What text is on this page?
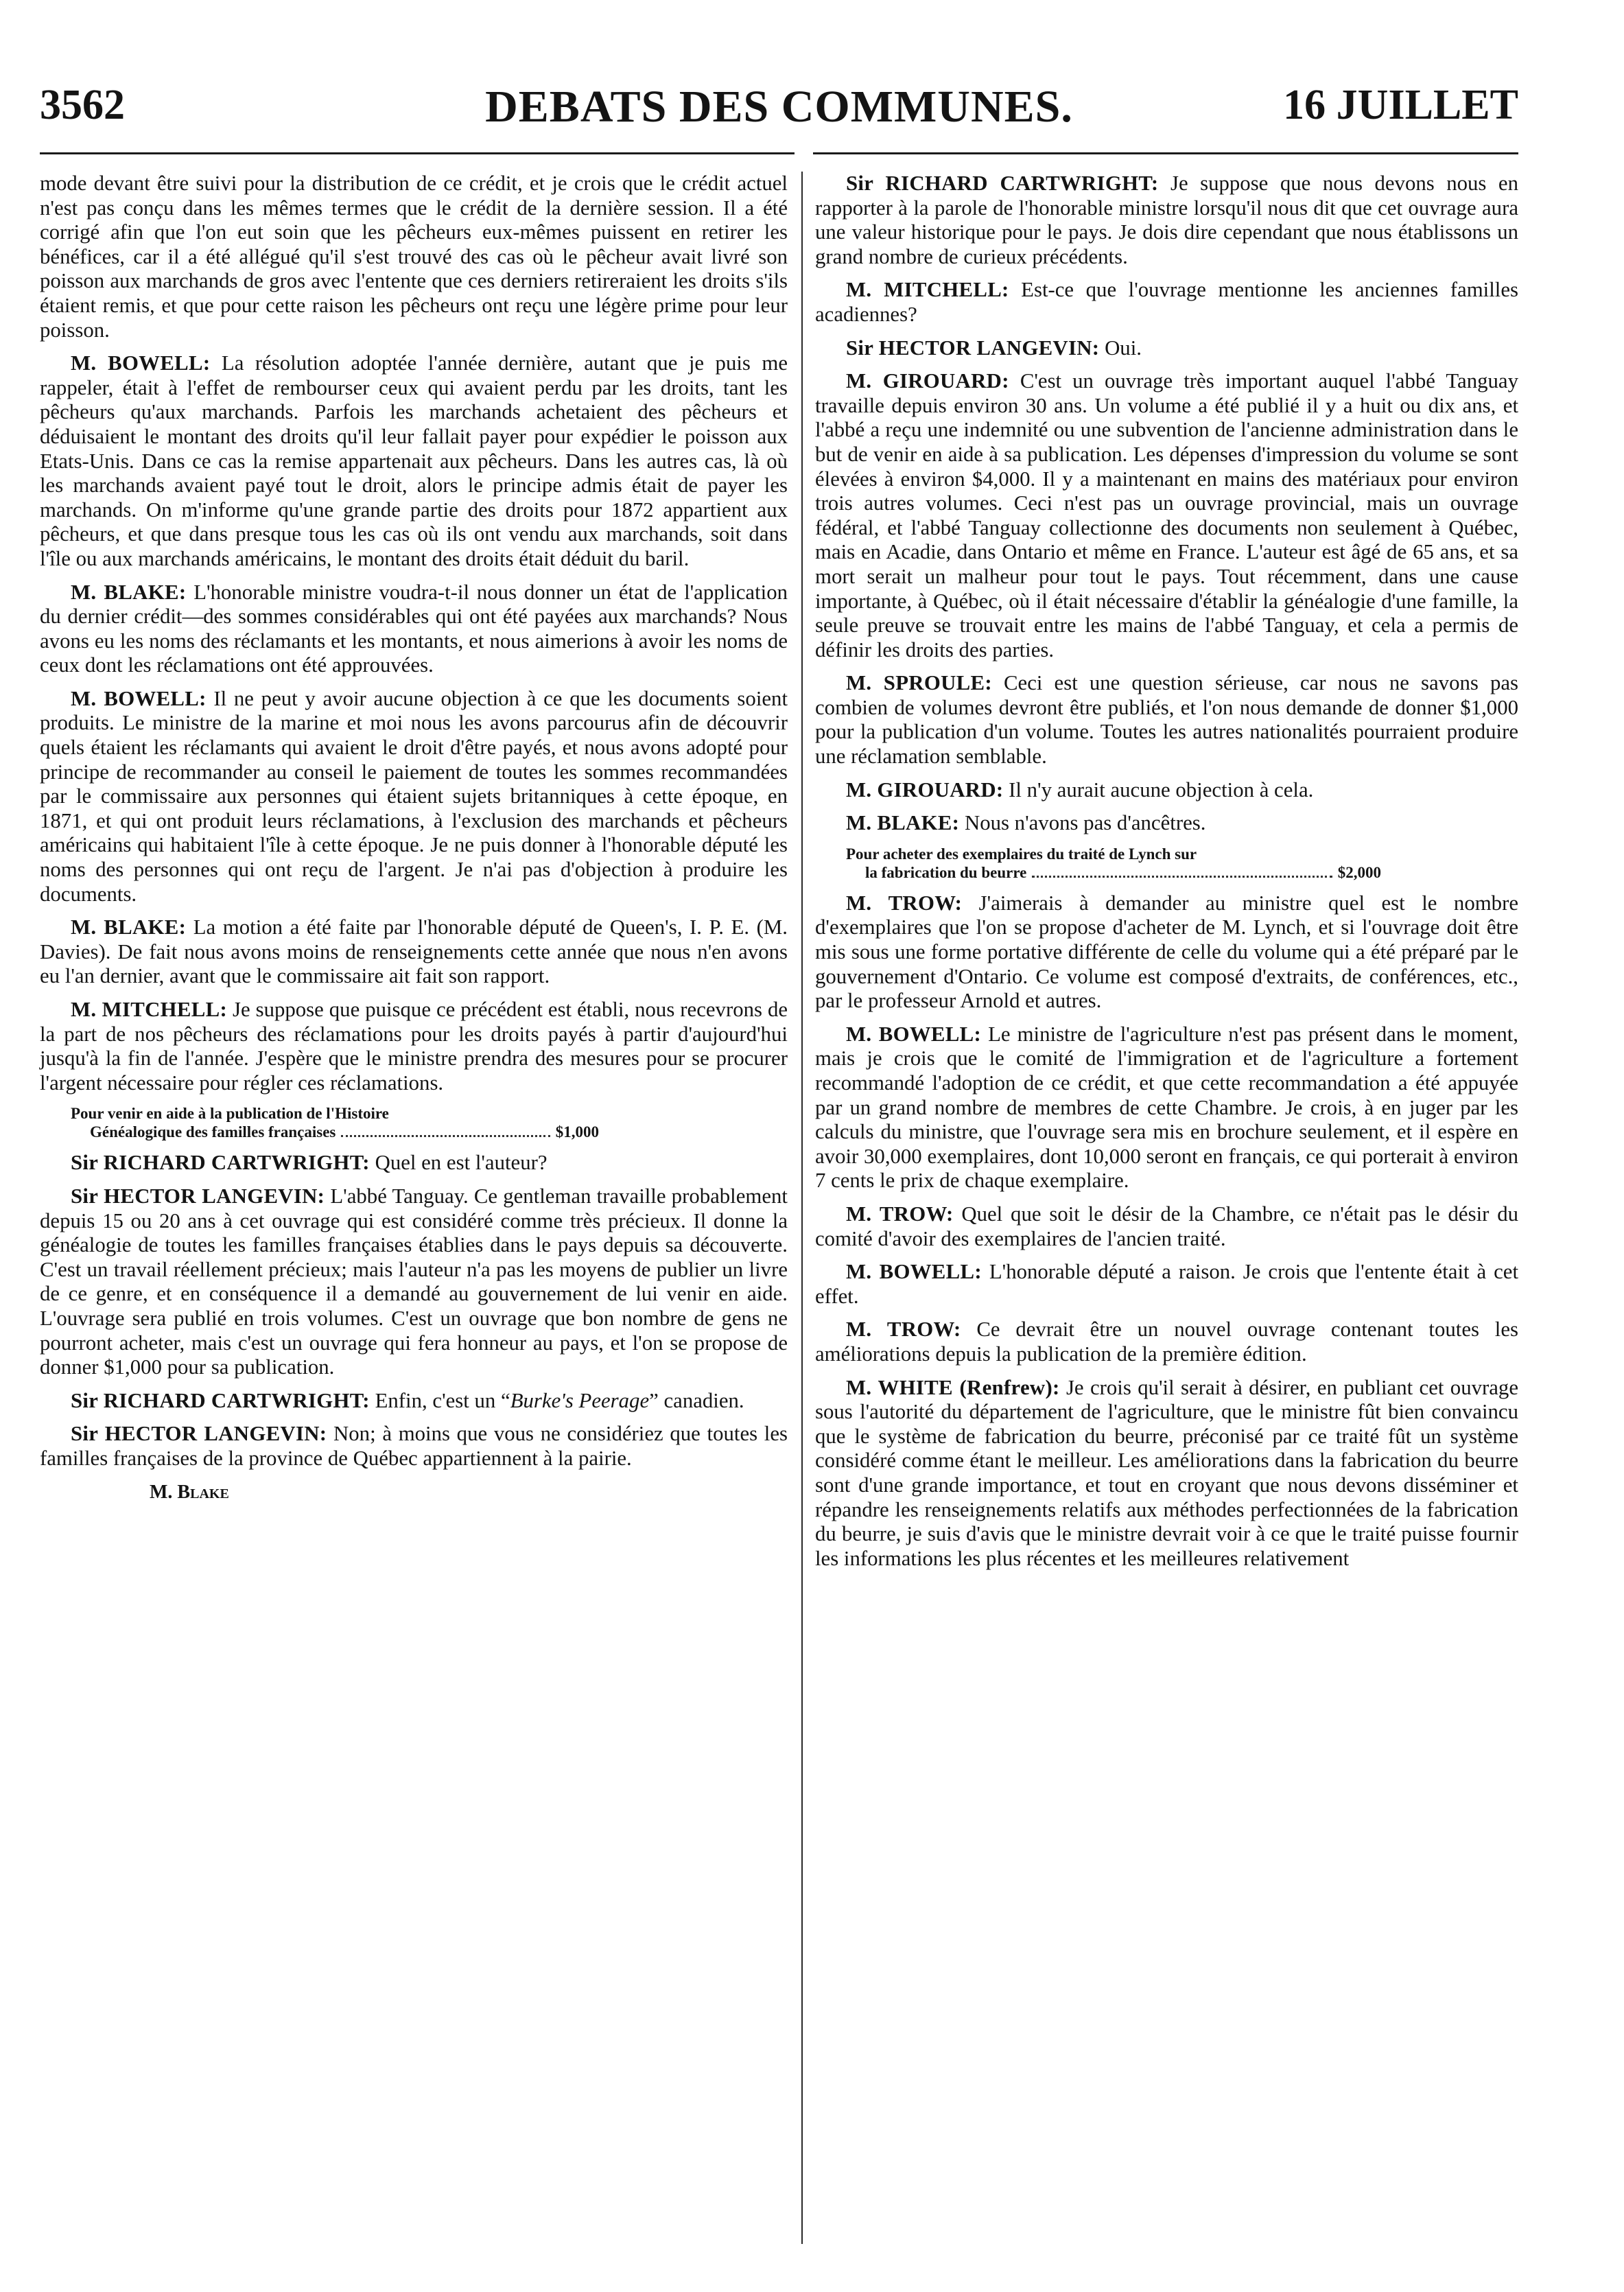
3562	DEBATS DES COMMUNES.	16 JUILLET

mode devant être suivi pour la distribution de ce crédit, et je crois que le crédit actuel n'est pas conçu dans les mêmes termes que le crédit de la dernière session. Il a été corrigé afin que l'on eut soin que les pêcheurs eux-mêmes puissent en retirer les bénéfices, car il a été allégué qu'il s'est trouvé des cas où le pêcheur avait livré son poisson aux marchands de gros avec l'entente que ces derniers retireraient les droits s'ils étaient remis, et que pour cette raison les pêcheurs ont reçu une légère prime pour leur poisson.

M. BOWELL: La résolution adoptée l'année dernière, autant que je puis me rappeler, était à l'effet de rembourser ceux qui avaient perdu par les droits, tant les pêcheurs qu'aux marchands. Parfois les marchands achetaient des pêcheurs et déduisaient le montant des droits qu'il leur fallait payer pour expédier le poisson aux Etats-Unis. Dans ce cas la remise appartenait aux pêcheurs. Dans les autres cas, là où les marchands avaient payé tout le droit, alors le principe admis était de payer les marchands. On m'informe qu'une grande partie des droits pour 1872 appartient aux pêcheurs, et que dans presque tous les cas où ils ont vendu aux marchands, soit dans l'île ou aux marchands américains, le montant des droits était déduit du baril.

M. BLAKE: L'honorable ministre voudra-t-il nous donner un état de l'application du dernier crédit—des sommes considérables qui ont été payées aux marchands? Nous avons eu les noms des réclamants et les montants, et nous aimerions à avoir les noms de ceux dont les réclamations ont été approuvées.

M. BOWELL: Il ne peut y avoir aucune objection à ce que les documents soient produits. Le ministre de la marine et moi nous les avons parcourus afin de découvrir quels étaient les réclamants qui avaient le droit d'être payés, et nous avons adopté pour principe de recommander au conseil le paiement de toutes les sommes recommandées par le commissaire aux personnes qui étaient sujets britanniques à cette époque, en 1871, et qui ont produit leurs réclamations, à l'exclusion des marchands et pêcheurs américains qui habitaient l'île à cette époque. Je ne puis donner à l'honorable député les noms des personnes qui ont reçu de l'argent. Je n'ai pas d'objection à produire les documents.

M. BLAKE: La motion a été faite par l'honorable député de Queen's, I. P. E. (M. Davies). De fait nous avons moins de renseignements cette année que nous n'en avons eu l'an dernier, avant que le commissaire ait fait son rapport.

M. MITCHELL: Je suppose que puisque ce précédent est établi, nous recevrons de la part de nos pêcheurs des réclamations pour les droits payés à partir d'aujourd'hui jusqu'à la fin de l'année. J'espère que le ministre prendra des mesures pour se procurer l'argent nécessaire pour régler ces réclamations.

Pour venir en aide à la publication de l'Histoire
Généalogique des familles françaises	$1,000

Sir RICHARD CARTWRIGHT: Quel en est l'auteur?

Sir HECTOR LANGEVIN: L'abbé Tanguay. Ce gentleman travaille probablement depuis 15 ou 20 ans à cet ouvrage qui est considéré comme très précieux. Il donne la généalogie de toutes les familles françaises établies dans le pays depuis sa découverte. C'est un travail réellement précieux; mais l'auteur n'a pas les moyens de publier un livre de ce genre, et en conséquence il a demandé au gouvernement de lui venir en aide. L'ouvrage sera publié en trois volumes. C'est un ouvrage que bon nombre de gens ne pourront acheter, mais c'est un ouvrage qui fera honneur au pays, et l'on se propose de donner $1,000 pour sa publication.

Sir RICHARD CARTWRIGHT: Enfin, c'est un “Burke's Peerage” canadien.

Sir HECTOR LANGEVIN: Non; à moins que vous ne considériez que toutes les familles françaises de la province de Québec appartiennent à la pairie.

M. Blake

Sir RICHARD CARTWRIGHT: Je suppose que nous devons nous en rapporter à la parole de l'honorable ministre lorsqu'il nous dit que cet ouvrage aura une valeur historique pour le pays. Je dois dire cependant que nous établissons un grand nombre de curieux précédents.

M. MITCHELL: Est-ce que l'ouvrage mentionne les anciennes familles acadiennes?

Sir HECTOR LANGEVIN: Oui.

M. GIROUARD: C'est un ouvrage très important auquel l'abbé Tanguay travaille depuis environ 30 ans. Un volume a été publié il y a huit ou dix ans, et l'abbé a reçu une indemnité ou une subvention de l'ancienne administration dans le but de venir en aide à sa publication. Les dépenses d'impression du volume se sont élevées à environ $4,000. Il y a maintenant en mains des matériaux pour environ trois autres volumes. Ceci n'est pas un ouvrage provincial, mais un ouvrage fédéral, et l'abbé Tanguay collectionne des documents non seulement à Québec, mais en Acadie, dans Ontario et même en France. L'auteur est âgé de 65 ans, et sa mort serait un malheur pour tout le pays. Tout récemment, dans une cause importante, à Québec, où il était nécessaire d'établir la généalogie d'une famille, la seule preuve se trouvait entre les mains de l'abbé Tanguay, et cela a permis de définir les droits des parties.

M. SPROULE: Ceci est une question sérieuse, car nous ne savons pas combien de volumes devront être publiés, et l'on nous demande de donner $1,000 pour la publication d'un volume. Toutes les autres nationalités pourraient produire une réclamation semblable.

M. GIROUARD: Il n'y aurait aucune objection à cela.

M. BLAKE: Nous n'avons pas d'ancêtres.

Pour acheter des exemplaires du traité de Lynch sur
la fabrication du beurre	$2,000

M. TROW: J'aimerais à demander au ministre quel est le nombre d'exemplaires que l'on se propose d'acheter de M. Lynch, et si l'ouvrage doit être mis sous une forme portative différente de celle du volume qui a été préparé par le gouvernement d'Ontario. Ce volume est composé d'extraits, de conférences, etc., par le professeur Arnold et autres.

M. BOWELL: Le ministre de l'agriculture n'est pas présent dans le moment, mais je crois que le comité de l'immigration et de l'agriculture a fortement recommandé l'adoption de ce crédit, et que cette recommandation a été appuyée par un grand nombre de membres de cette Chambre. Je crois, à en juger par les calculs du ministre, que l'ouvrage sera mis en brochure seulement, et il espère en avoir 30,000 exemplaires, dont 10,000 seront en français, ce qui porterait à environ 7 cents le prix de chaque exemplaire.

M. TROW: Quel que soit le désir de la Chambre, ce n'était pas le désir du comité d'avoir des exemplaires de l'ancien traité.

M. BOWELL: L'honorable député a raison. Je crois que l'entente était à cet effet.

M. TROW: Ce devrait être un nouvel ouvrage contenant toutes les améliorations depuis la publication de la première édition.

M. WHITE (Renfrew): Je crois qu'il serait à désirer, en publiant cet ouvrage sous l'autorité du département de l'agriculture, que le ministre fût bien convaincu que le système de fabrication du beurre, préconisé par ce traité fût un système considéré comme étant le meilleur. Les améliorations dans la fabrication du beurre sont d'une grande importance, et tout en croyant que nous devons disséminer et répandre les renseignements relatifs aux méthodes perfectionnées de la fabrication du beurre, je suis d'avis que le ministre devrait voir à ce que le traité puisse fournir les informations les plus récentes et les meilleures relativement
